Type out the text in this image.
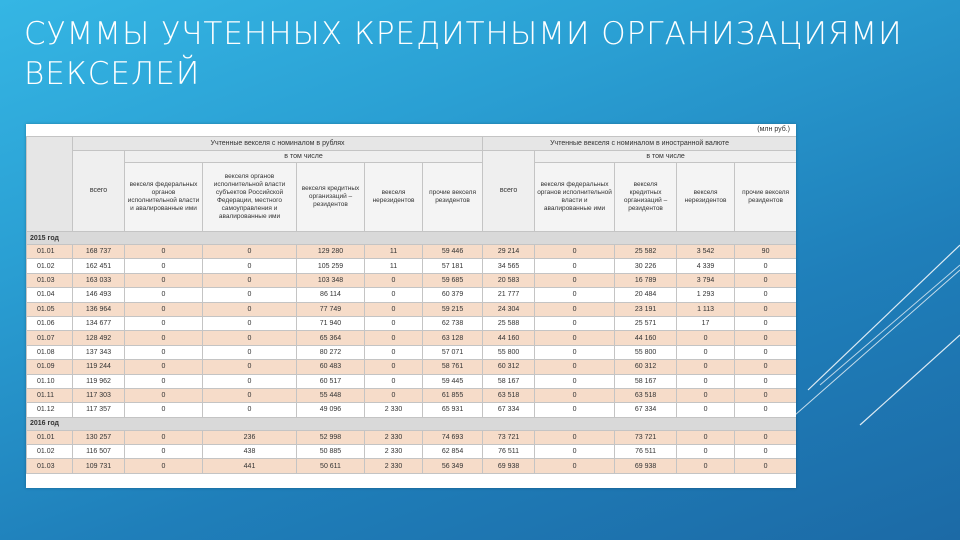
СУММЫ УЧТЕННЫХ КРЕДИТНЫМИ ОРГАНИЗАЦИЯМИ
ВЕКСЕЛЕЙ
(млн руб.)
	Учтенные векселя с номиналом в рублях						Учтенные векселя с номиналом в иностранной валюте				
	всего	в том числе					всего	в том числе			
		векселя федеральных органов исполнительной власти и авалированные ими	векселя органов исполнительной власти субъектов Российской Федерации, местного самоуправления и авалированные ими	векселя кредитных организаций – резидентов	векселя нерезидентов	прочие векселя резидентов		векселя федеральных органов исполнительной власти и авалированные ими	векселя кредитных организаций – резидентов	векселя нерезидентов	прочие векселя резидентов
2015 год											
01.01	168 737	0	0	129 280	11	59 446	29 214	0	25 582	3 542	90
01.02	162 451	0	0	105 259	11	57 181	34 565	0	30 226	4 339	0
01.03	163 033	0	0	103 348	0	59 685	20 583	0	16 789	3 794	0
01.04	146 493	0	0	86 114	0	60 379	21 777	0	20 484	1 293	0
01.05	136 964	0	0	77 749	0	59 215	24 304	0	23 191	1 113	0
01.06	134 677	0	0	71 940	0	62 738	25 588	0	25 571	17	0
01.07	128 492	0	0	65 364	0	63 128	44 160	0	44 160	0	0
01.08	137 343	0	0	80 272	0	57 071	55 800	0	55 800	0	0
01.09	119 244	0	0	60 483	0	58 761	60 312	0	60 312	0	0
01.10	119 962	0	0	60 517	0	59 445	58 167	0	58 167	0	0
01.11	117 303	0	0	55 448	0	61 855	63 518	0	63 518	0	0
01.12	117 357	0	0	49 096	2 330	65 931	67 334	0	67 334	0	0
2016 год											
01.01	130 257	0	236	52 998	2 330	74 693	73 721	0	73 721	0	0
01.02	116 507	0	438	50 885	2 330	62 854	76 511	0	76 511	0	0
01.03	109 731	0	441	50 611	2 330	56 349	69 938	0	69 938	0	0
